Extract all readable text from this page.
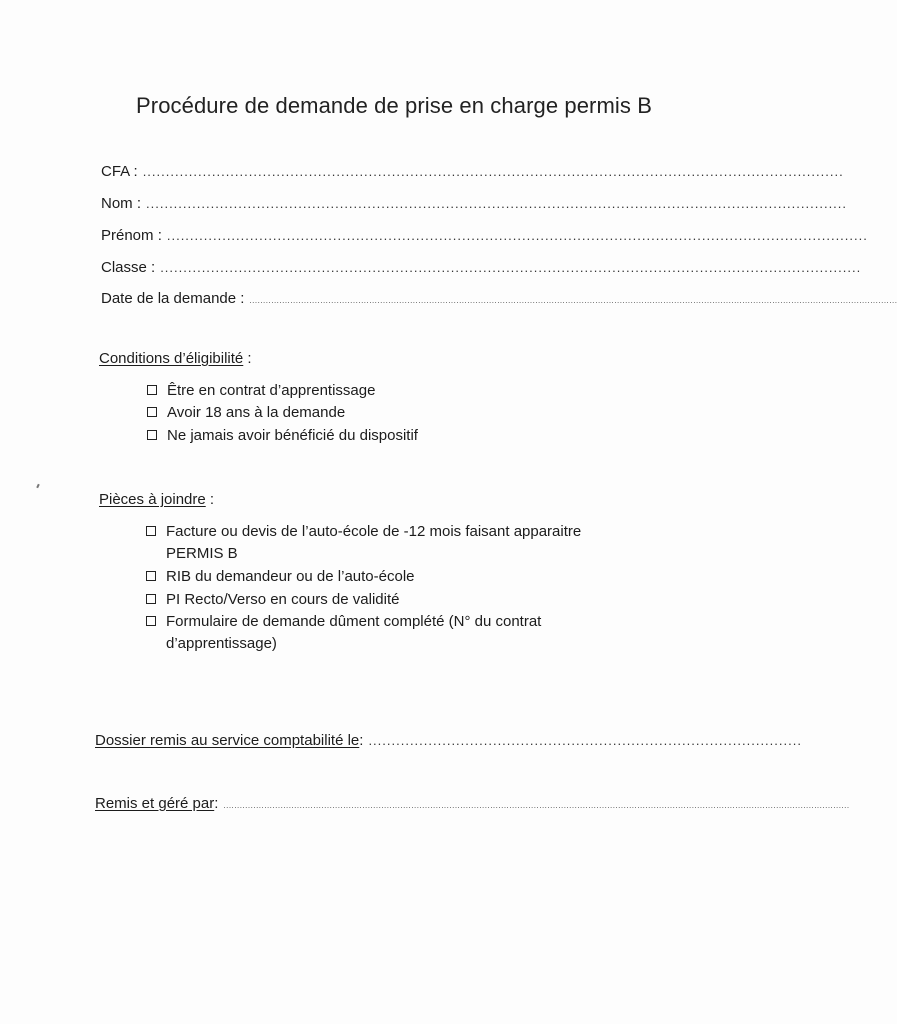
Procédure de demande de prise en charge permis B
CFA : ........................................................................................................................................................
Nom : ........................................................................................................................................................
Prénom : ........................................................................................................................................................
Classe : ........................................................................................................................................................
Date de la demande : ..............................................................................................................................................................................................................................................
Conditions d’éligibilité :
Être en contrat d’apprentissage
Avoir 18 ans à la demande
Ne jamais avoir bénéficié du dispositif
Pièces à joindre :
Facture ou devis de l’auto-école de -12 mois faisant apparaitre
PERMIS B
RIB du demandeur ou de l’auto-école
PI Recto/Verso en cours de validité
Formulaire de demande dûment complété (N° du contrat
d’apprentissage)
Dossier remis au service comptabilité le : ..............................................................................................
Remis et géré par : ......................................................................................................................................................................................................................................
